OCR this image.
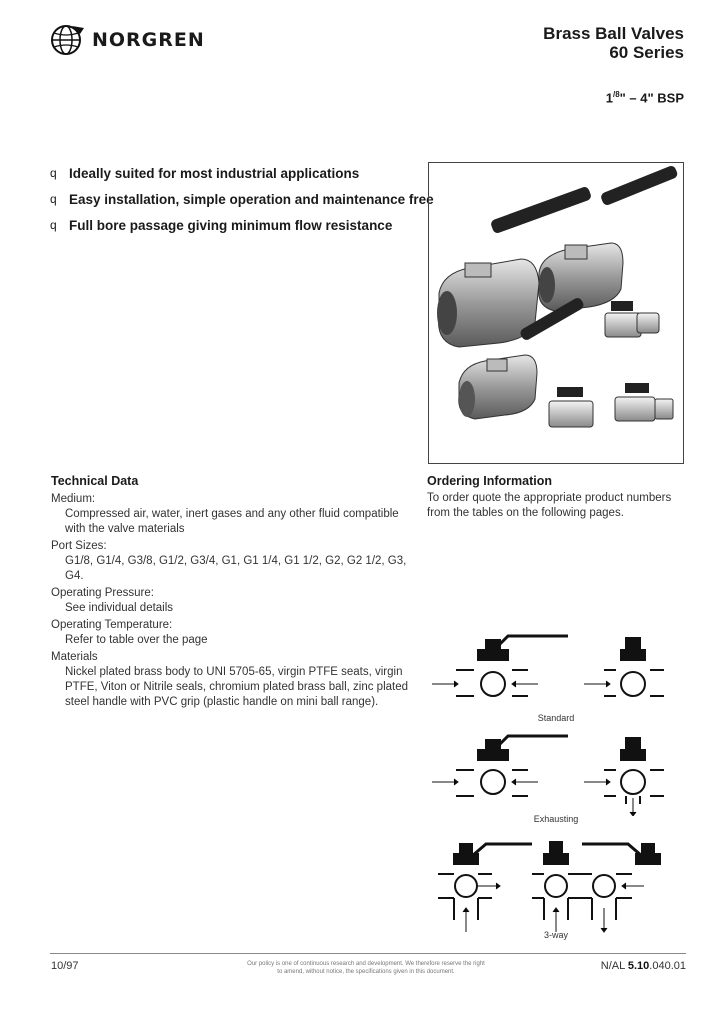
NORGREN	Brass Ball Valves
60 Series
$1^{/8}$" – 4" BSP
q Ideally suited for most industrial applications
q Easy installation, simple operation and maintenance free
q Full bore passage giving minimum flow resistance
Technical Data
Medium:
Compressed air, water, inert gases and any other fluid compatible with the valve materials
Port Sizes:
G1/8, G1/4, G3/8, G1/2, G3/4, G1, G1 1/4, G1 1/2, G2, G2 1/2, G3, G4.
Operating Pressure:
See individual details
Operating Temperature:
Refer to table over the page
Materials
Nickel plated brass body to UNI 5705-65, virgin PTFE seats, virgin PTFE, Viton or Nitrile seals, chromium plated brass ball, zinc plated steel handle with PVC grip (plastic handle on mini ball range).
Ordering Information
To order quote the appropriate product numbers from the tables on the following pages.
Standard
Exhausting
3-way
10/97	Our policy is one of continuous research and development. We therefore reserve the right
to amend, without notice, the specifications given in this document.	N/AL 5.10.040.01
